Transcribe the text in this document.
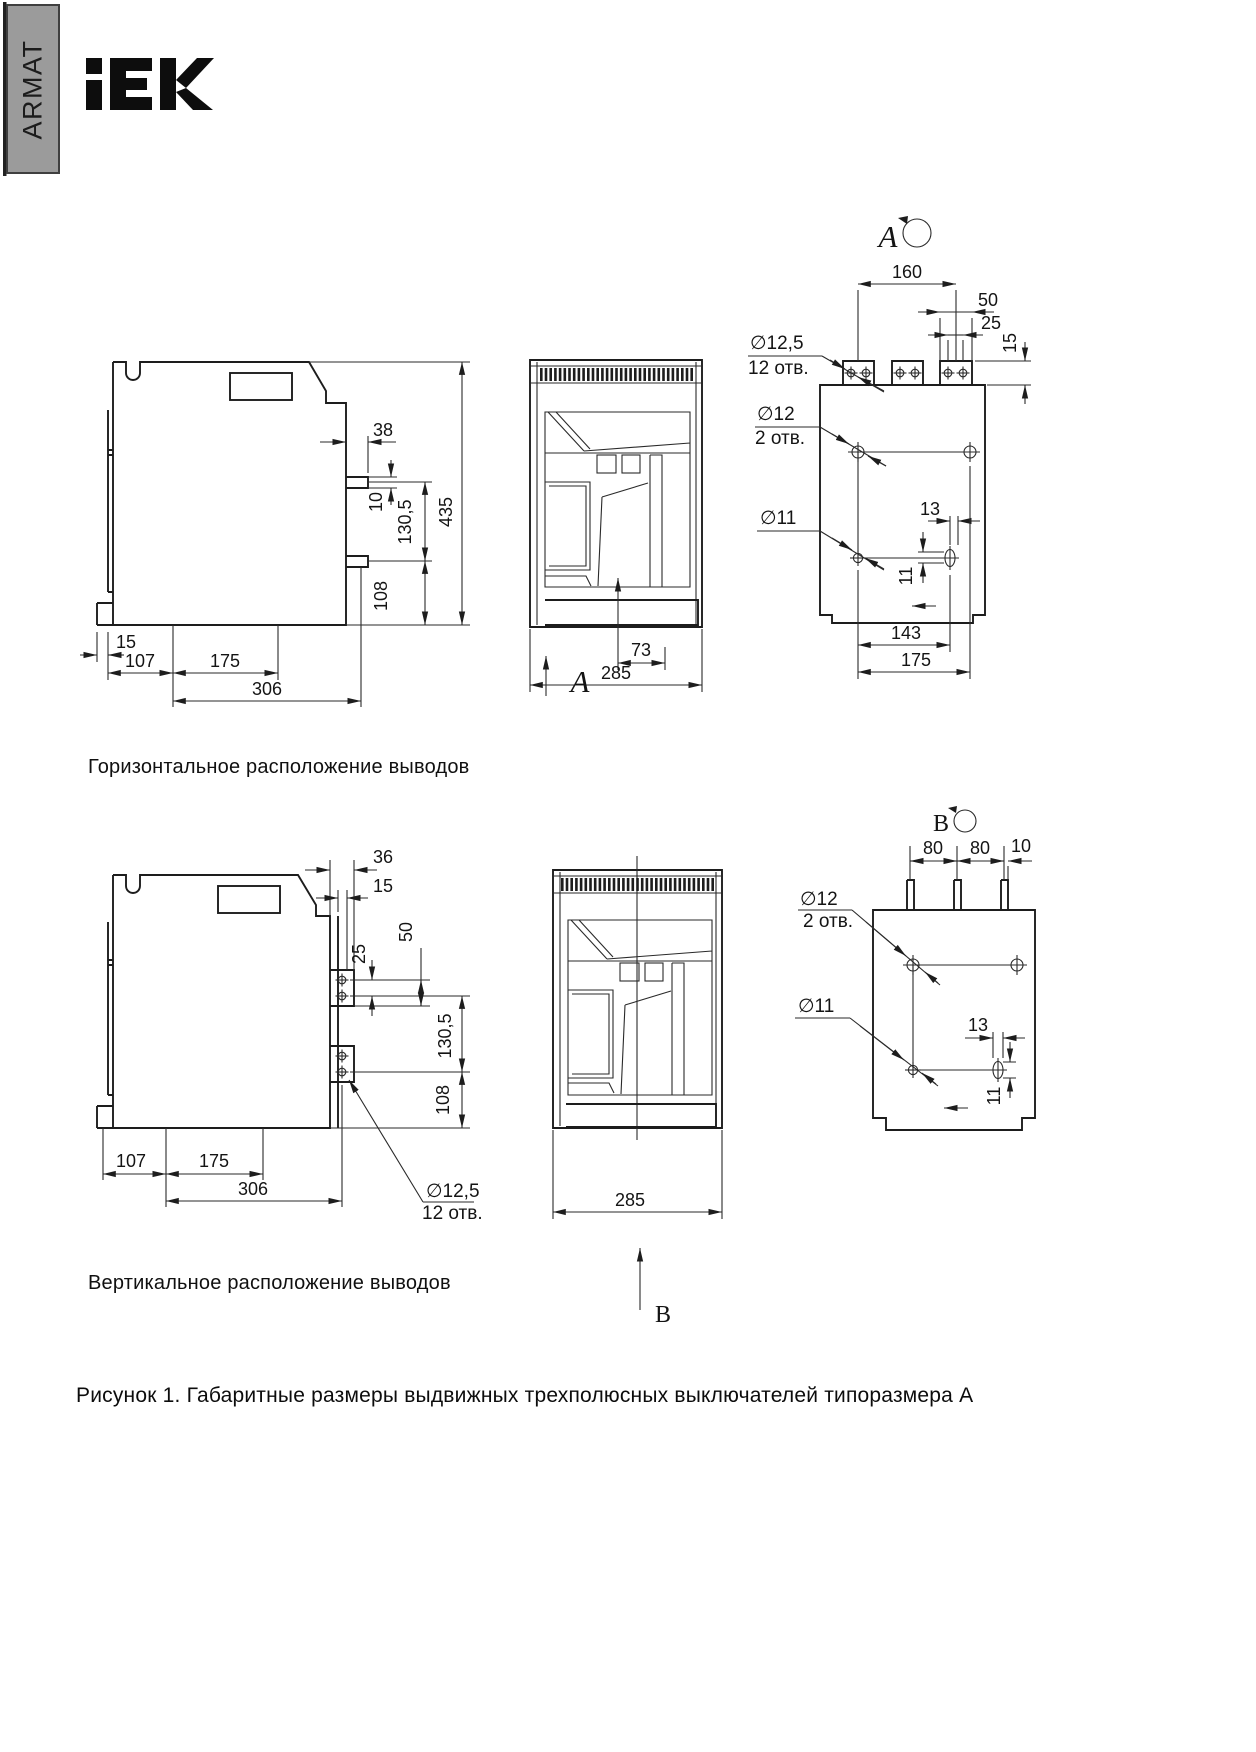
38
10 130,5 435
108
15
107	175
306
73
A 285
A
160
50
25
15
∅12,5
12 отв.
∅12
2 отв.
∅11	13
11
143
175
36
15
50
25
130,5
108
107	175
306	∅12,5
12 отв.
285
В
В
80 80 10
∅12
2 отв.
∅11
13
11
ARMAT
Горизонтальное расположение выводов
Вертикальное расположение выводов
Рисунок 1. Габаритные размеры выдвижных трехполюсных выключателей типоразмера А
